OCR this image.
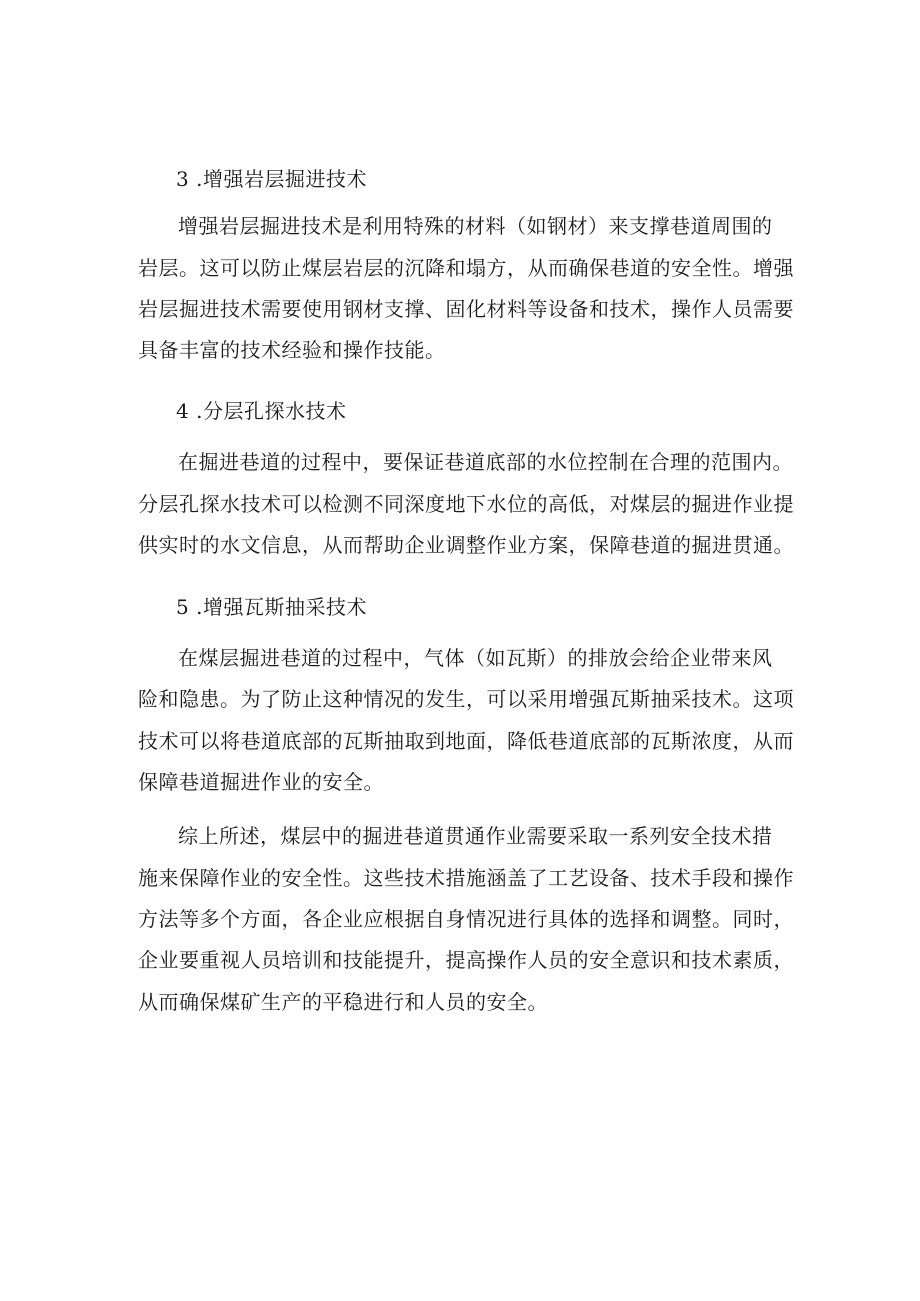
3 .增强岩层掘进技术
增强岩层掘进技术是利用特殊的材料（如钢材）来支撑巷道周围的
岩层。这可以防止煤层岩层的沉降和塌方，从而确保巷道的安全性。增强
岩层掘进技术需要使用钢材支撑、固化材料等设备和技术，操作人员需要
具备丰富的技术经验和操作技能。
4 .分层孔探水技术
在掘进巷道的过程中，要保证巷道底部的水位控制在合理的范围内。
分层孔探水技术可以检测不同深度地下水位的高低，对煤层的掘进作业提
供实时的水文信息，从而帮助企业调整作业方案，保障巷道的掘进贯通。
5 .增强瓦斯抽采技术
在煤层掘进巷道的过程中，气体（如瓦斯）的排放会给企业带来风
险和隐患。为了防止这种情况的发生，可以采用增强瓦斯抽采技术。这项
技术可以将巷道底部的瓦斯抽取到地面，降低巷道底部的瓦斯浓度，从而
保障巷道掘进作业的安全。
综上所述，煤层中的掘进巷道贯通作业需要采取一系列安全技术措
施来保障作业的安全性。这些技术措施涵盖了工艺设备、技术手段和操作
方法等多个方面，各企业应根据自身情况进行具体的选择和调整。同时，
企业要重视人员培训和技能提升，提高操作人员的安全意识和技术素质，
从而确保煤矿生产的平稳进行和人员的安全。
